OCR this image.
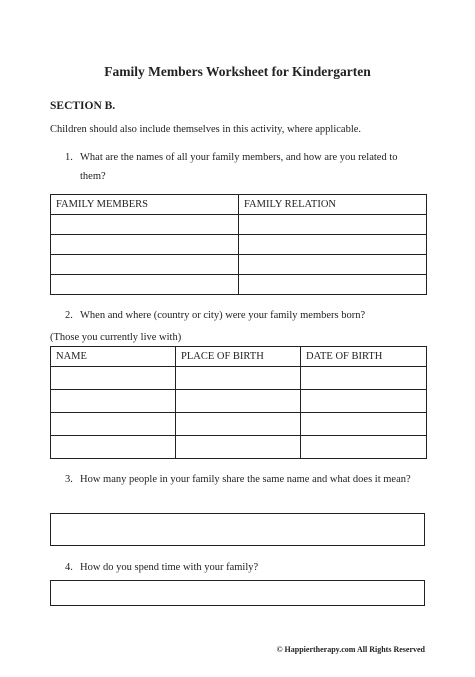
Family Members Worksheet for Kindergarten
SECTION B.
Children should also include themselves in this activity, where applicable.
1. What are the names of all your family members, and how are you related to them?
FAMILY MEMBERS	FAMILY RELATION

2. When and where (country or city) were your family members born?
(Those you currently live with)
NAME	PLACE OF BIRTH	DATE OF BIRTH

3. How many people in your family share the same name and what does it mean?
4. How do you spend time with your family?
© Happiertherapy.com All Rights Reserved
